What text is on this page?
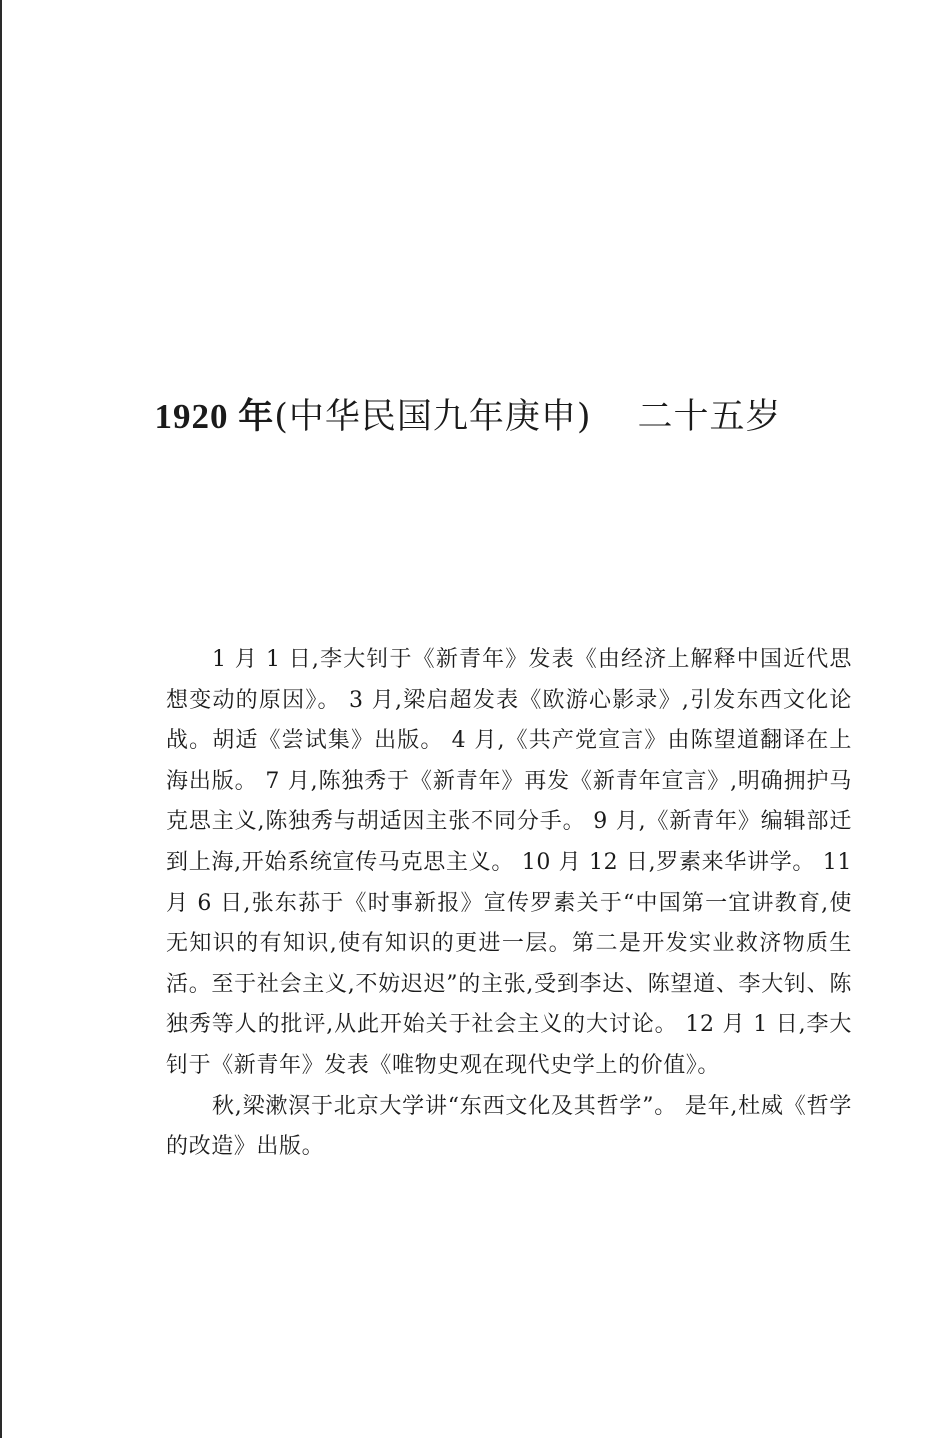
1920 年(中华民国九年庚申) 二十五岁

1 月 1 日,李大钊于《新青年》发表《由经济上解释中国近代思想变动的原因》。 3 月,梁启超发表《欧游心影录》,引发东西文化论战。胡适《尝试集》出版。 4 月,《共产党宣言》由陈望道翻译在上海出版。 7 月,陈独秀于《新青年》再发《新青年宣言》,明确拥护马克思主义,陈独秀与胡适因主张不同分手。 9 月,《新青年》编辑部迁到上海,开始系统宣传马克思主义。 10 月 12 日,罗素来华讲学。 11 月 6 日,张东荪于《时事新报》宣传罗素关于“中国第一宜讲教育,使无知识的有知识,使有知识的更进一层。第二是开发实业救济物质生活。至于社会主义,不妨迟迟”的主张,受到李达、陈望道、李大钊、陈独秀等人的批评,从此开始关于社会主义的大讨论。 12 月 1 日,李大钊于《新青年》发表《唯物史观在现代史学上的价值》。

秋,梁漱溟于北京大学讲“东西文化及其哲学”。 是年,杜威《哲学的改造》出版。
